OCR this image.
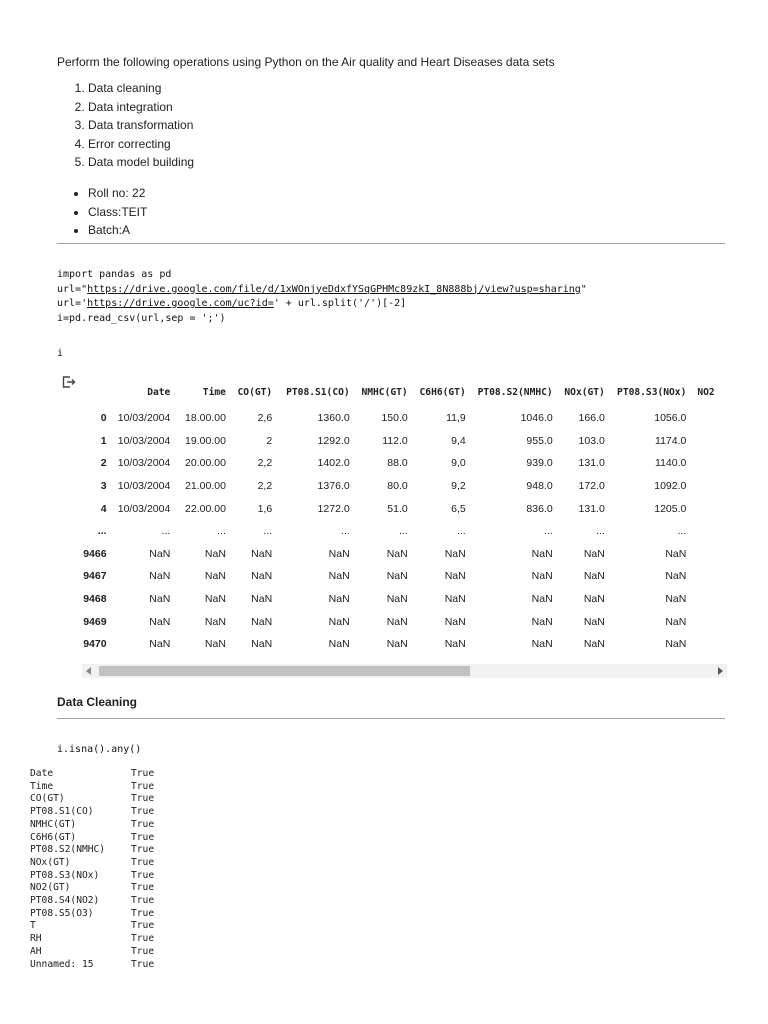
Perform the following operations using Python on the Air quality and Heart Diseases data sets
1. Data cleaning
2. Data integration
3. Data transformation
4. Error correcting
5. Data model building
• Roll no: 22
• Class:TEIT
• Batch:A
import pandas as pd
url="https://drive.google.com/file/d/1xWOnjyeDdxfYSqGPHMc89zkI_8N888bj/view?usp=sharing"
url='https://drive.google.com/uc?id=' + url.split('/')[-2]
i=pd.read_csv(url,sep = ';')
i
Data Cleaning
i.isna().any()
	Date	Time	CO(GT)	PT08.S1(CO)	NMHC(GT)	C6H6(GT)	PT08.S2(NMHC)	NOx(GT)	PT08.S3(NOx)	NO2
0	10/03/2004	18.00.00	2,6	1360.0	150.0	11,9	1046.0	166.0	1056.0	
1	10/03/2004	19.00.00	2	1292.0	112.0	9,4	955.0	103.0	1174.0	
2	10/03/2004	20.00.00	2,2	1402.0	88.0	9,0	939.0	131.0	1140.0	
3	10/03/2004	21.00.00	2,2	1376.0	80.0	9,2	948.0	172.0	1092.0	
4	10/03/2004	22.00.00	1,6	1272.0	51.0	6,5	836.0	131.0	1205.0	
...	...	...	...	...	...	...	...	...	...	
9466	NaN	NaN	NaN	NaN	NaN	NaN	NaN	NaN	NaN	
9467	NaN	NaN	NaN	NaN	NaN	NaN	NaN	NaN	NaN	
9468	NaN	NaN	NaN	NaN	NaN	NaN	NaN	NaN	NaN	
9469	NaN	NaN	NaN	NaN	NaN	NaN	NaN	NaN	NaN	
9470	NaN	NaN	NaN	NaN	NaN	NaN	NaN	NaN	NaN	
Date	True
Time	True
CO(GT)	True
PT08.S1(CO)	True
NMHC(GT)	True
C6H6(GT)	True
PT08.S2(NMHC)	True
NOx(GT)	True
PT08.S3(NOx)	True
NO2(GT)	True
PT08.S4(NO2)	True
PT08.S5(O3)	True
T	True
RH	True
AH	True
Unnamed: 15	True
